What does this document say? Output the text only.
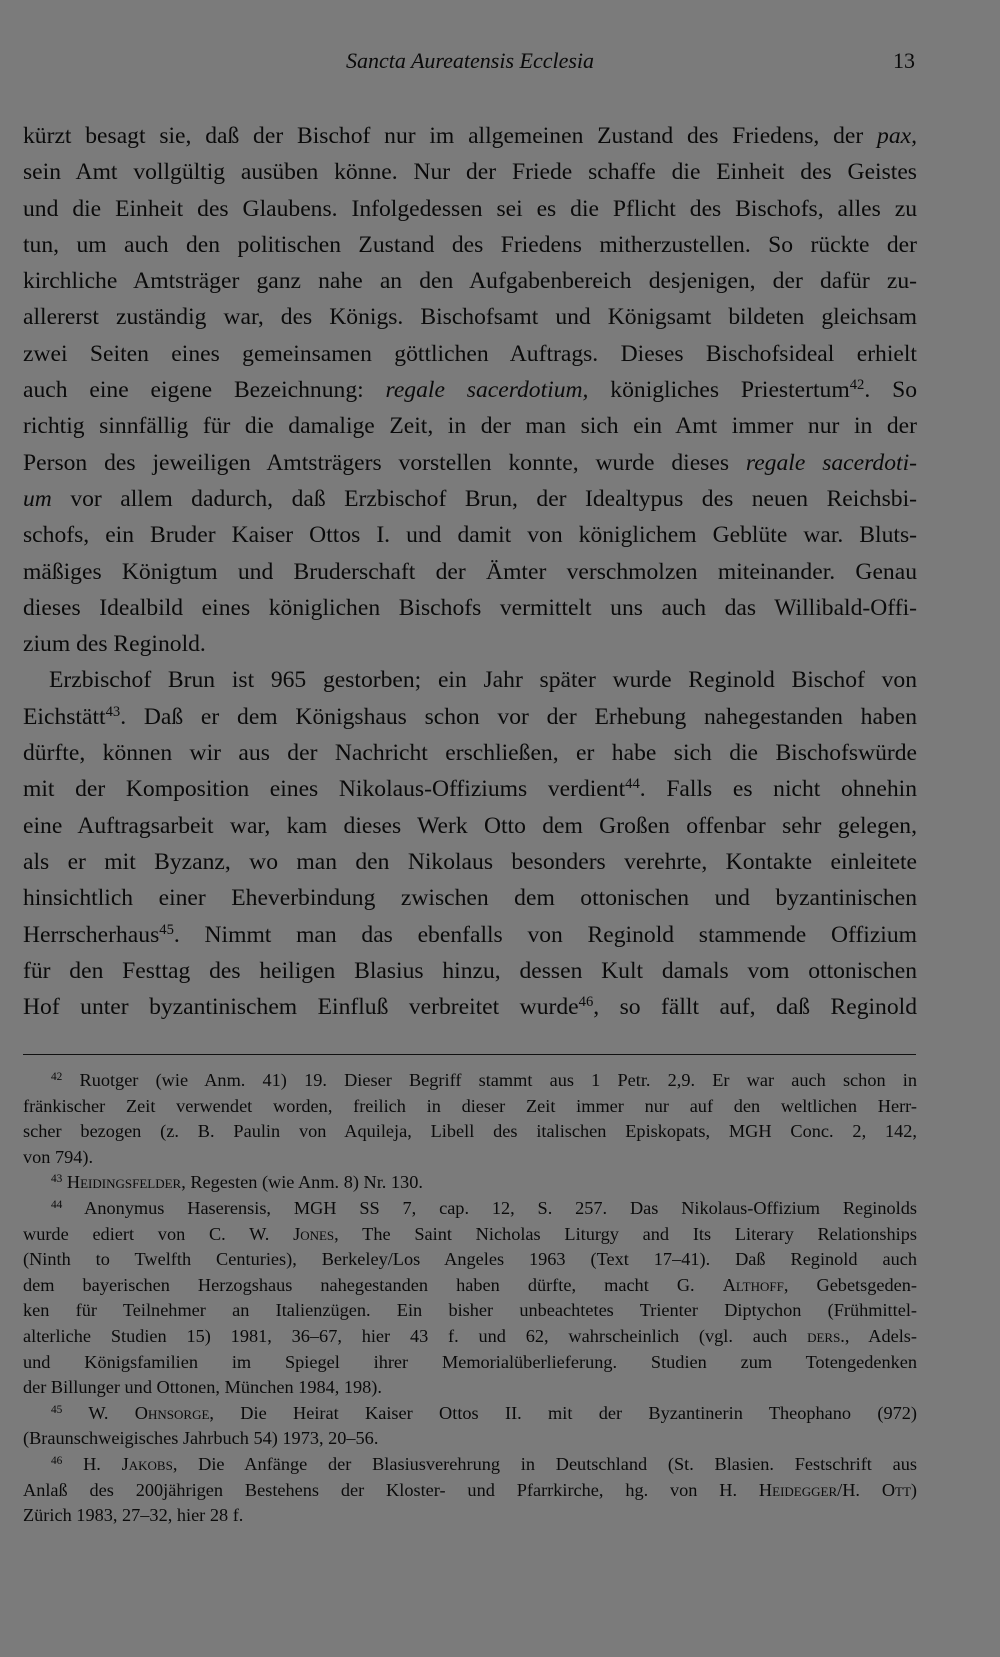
Sancta Aureatensis Ecclesia	13
kürzt besagt sie, daß der Bischof nur im allgemeinen Zustand des Friedens, der pax,
sein Amt vollgültig ausüben könne. Nur der Friede schaffe die Einheit des Geistes
und die Einheit des Glaubens. Infolgedessen sei es die Pflicht des Bischofs, alles zu
tun, um auch den politischen Zustand des Friedens mitherzustellen. So rückte der
kirchliche Amtsträger ganz nahe an den Aufgabenbereich desjenigen, der dafür zu-
allererst zuständig war, des Königs. Bischofsamt und Königsamt bildeten gleichsam
zwei Seiten eines gemeinsamen göttlichen Auftrags. Dieses Bischofsideal erhielt
auch eine eigene Bezeichnung: regale sacerdotium, königliches Priestertum$^{42}$. So
richtig sinnfällig für die damalige Zeit, in der man sich ein Amt immer nur in der
Person des jeweiligen Amtsträgers vorstellen konnte, wurde dieses regale sacerdoti-
um vor allem dadurch, daß Erzbischof Brun, der Idealtypus des neuen Reichsbi-
schofs, ein Bruder Kaiser Ottos I. und damit von königlichem Geblüte war. Bluts-
mäßiges Königtum und Bruderschaft der Ämter verschmolzen miteinander. Genau
dieses Idealbild eines königlichen Bischofs vermittelt uns auch das Willibald-Offi-
zium des Reginold.
Erzbischof Brun ist 965 gestorben; ein Jahr später wurde Reginold Bischof von
Eichstätt$^{43}$. Daß er dem Königshaus schon vor der Erhebung nahegestanden haben
dürfte, können wir aus der Nachricht erschließen, er habe sich die Bischofswürde
mit der Komposition eines Nikolaus-Offiziums verdient$^{44}$. Falls es nicht ohnehin
eine Auftragsarbeit war, kam dieses Werk Otto dem Großen offenbar sehr gelegen,
als er mit Byzanz, wo man den Nikolaus besonders verehrte, Kontakte einleitete
hinsichtlich einer Eheverbindung zwischen dem ottonischen und byzantinischen
Herrscherhaus$^{45}$. Nimmt man das ebenfalls von Reginold stammende Offizium
für den Festtag des heiligen Blasius hinzu, dessen Kult damals vom ottonischen
Hof unter byzantinischem Einfluß verbreitet wurde$^{46}$, so fällt auf, daß Reginold
$^{42}$ Ruotger (wie Anm. 41) 19. Dieser Begriff stammt aus 1 Petr. 2,9. Er war auch schon in
fränkischer Zeit verwendet worden, freilich in dieser Zeit immer nur auf den weltlichen Herr-
scher bezogen (z. B. Paulin von Aquileja, Libell des italischen Episkopats, MGH Conc. 2, 142,
von 794).
$^{43}$ Heidingsfelder, Regesten (wie Anm. 8) Nr. 130.
$^{44}$ Anonymus Haserensis, MGH SS 7, cap. 12, S. 257. Das Nikolaus-Offizium Reginolds
wurde ediert von C. W. Jones, The Saint Nicholas Liturgy and Its Literary Relationships
(Ninth to Twelfth Centuries), Berkeley/Los Angeles 1963 (Text 17–41). Daß Reginold auch
dem bayerischen Herzogshaus nahegestanden haben dürfte, macht G. Althoff, Gebetsgeden-
ken für Teilnehmer an Italienzügen. Ein bisher unbeachtetes Trienter Diptychon (Frühmittel-
alterliche Studien 15) 1981, 36–67, hier 43 f. und 62, wahrscheinlich (vgl. auch ders., Adels-
und Königsfamilien im Spiegel ihrer Memorialüberlieferung. Studien zum Totengedenken
der Billunger und Ottonen, München 1984, 198).
$^{45}$ W. Ohnsorge, Die Heirat Kaiser Ottos II. mit der Byzantinerin Theophano (972)
(Braunschweigisches Jahrbuch 54) 1973, 20–56.
$^{46}$ H. Jakobs, Die Anfänge der Blasiusverehrung in Deutschland (St. Blasien. Festschrift aus
Anlaß des 200jährigen Bestehens der Kloster- und Pfarrkirche, hg. von H. Heidegger/H. Ott)
Zürich 1983, 27–32, hier 28 f.
